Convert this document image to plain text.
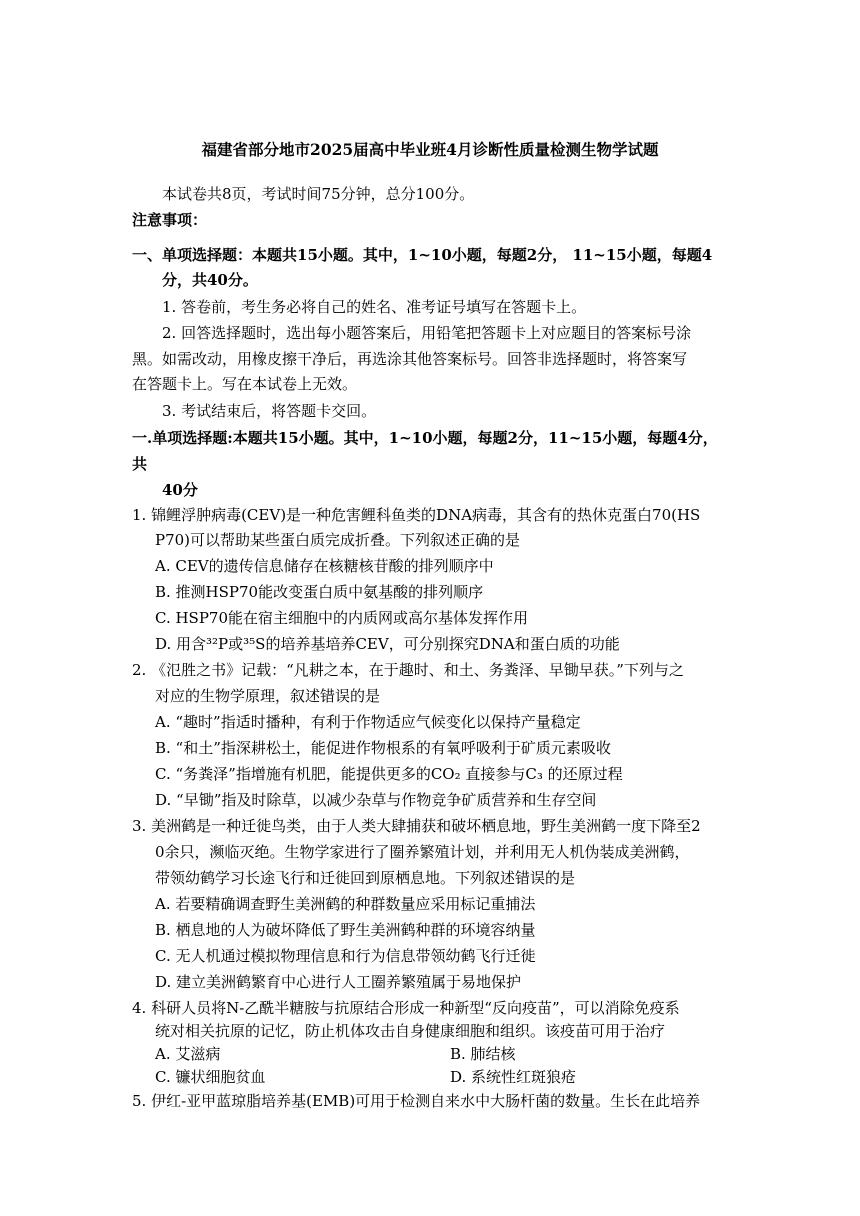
福建省部分地市2025届高中毕业班4月诊断性质量检测生物学试题
本试卷共8页，考试时间75分钟，总分100分。
注意事项：
一、单项选择题：本题共15小题。其中，1~10小题，每题2分， 11~15小题，每题4
分，共40分。
1. 答卷前，考生务必将自己的姓名、准考证号填写在答题卡上。
2. 回答选择题时，选出每小题答案后，用铅笔把答题卡上对应题目的答案标号涂
黑。如需改动，用橡皮擦干净后，再选涂其他答案标号。回答非选择题时，将答案写
在答题卡上。写在本试卷上无效。
3. 考试结束后，将答题卡交回。
一.单项选择题:本题共15小题。其中，1~10小题，每题2分，11~15小题，每题4分，
共
40分
1. 锦鲤浮肿病毒(CEV)是一种危害鲤科鱼类的DNA病毒，其含有的热休克蛋白70(HS
P70)可以帮助某些蛋白质完成折叠。下列叙述正确的是
A. CEV的遗传信息储存在核糖核苷酸的排列顺序中
B. 推测HSP70能改变蛋白质中氨基酸的排列顺序
C. HSP70能在宿主细胞中的内质网或高尔基体发挥作用
D. 用含³²P或³⁵S的培养基培养CEV，可分别探究DNA和蛋白质的功能
2. 《氾胜之书》记载：“凡耕之本，在于趣时、和土、务粪泽、早锄早获。”下列与之
对应的生物学原理，叙述错误的是
A. “趣时”指适时播种，有利于作物适应气候变化以保持产量稳定
B. “和土”指深耕松土，能促进作物根系的有氧呼吸利于矿质元素吸收
C. “务粪泽”指增施有机肥，能提供更多的CO₂ 直接参与C₃ 的还原过程
D. “早锄”指及时除草，以减少杂草与作物竞争矿质营养和生存空间
3. 美洲鹤是一种迁徙鸟类，由于人类大肆捕获和破坏栖息地，野生美洲鹤一度下降至2
0余只，濒临灭绝。生物学家进行了圈养繁殖计划，并利用无人机伪装成美洲鹤，
带领幼鹤学习长途飞行和迁徙回到原栖息地。下列叙述错误的是
A. 若要精确调查野生美洲鹤的种群数量应采用标记重捕法
B. 栖息地的人为破坏降低了野生美洲鹤种群的环境容纳量
C. 无人机通过模拟物理信息和行为信息带领幼鹤飞行迁徙
D. 建立美洲鹤繁育中心进行人工圈养繁殖属于易地保护
4. 科研人员将N-乙酰半糖胺与抗原结合形成一种新型“反向疫苗”，可以消除免疫系
统对相关抗原的记忆，防止机体攻击自身健康细胞和组织。该疫苗可用于治疗
A. 艾滋病	B. 肺结核
C. 镰状细胞贫血	D. 系统性红斑狼疮
5. 伊红-亚甲蓝琼脂培养基(EMB)可用于检测自来水中大肠杆菌的数量。生长在此培养
